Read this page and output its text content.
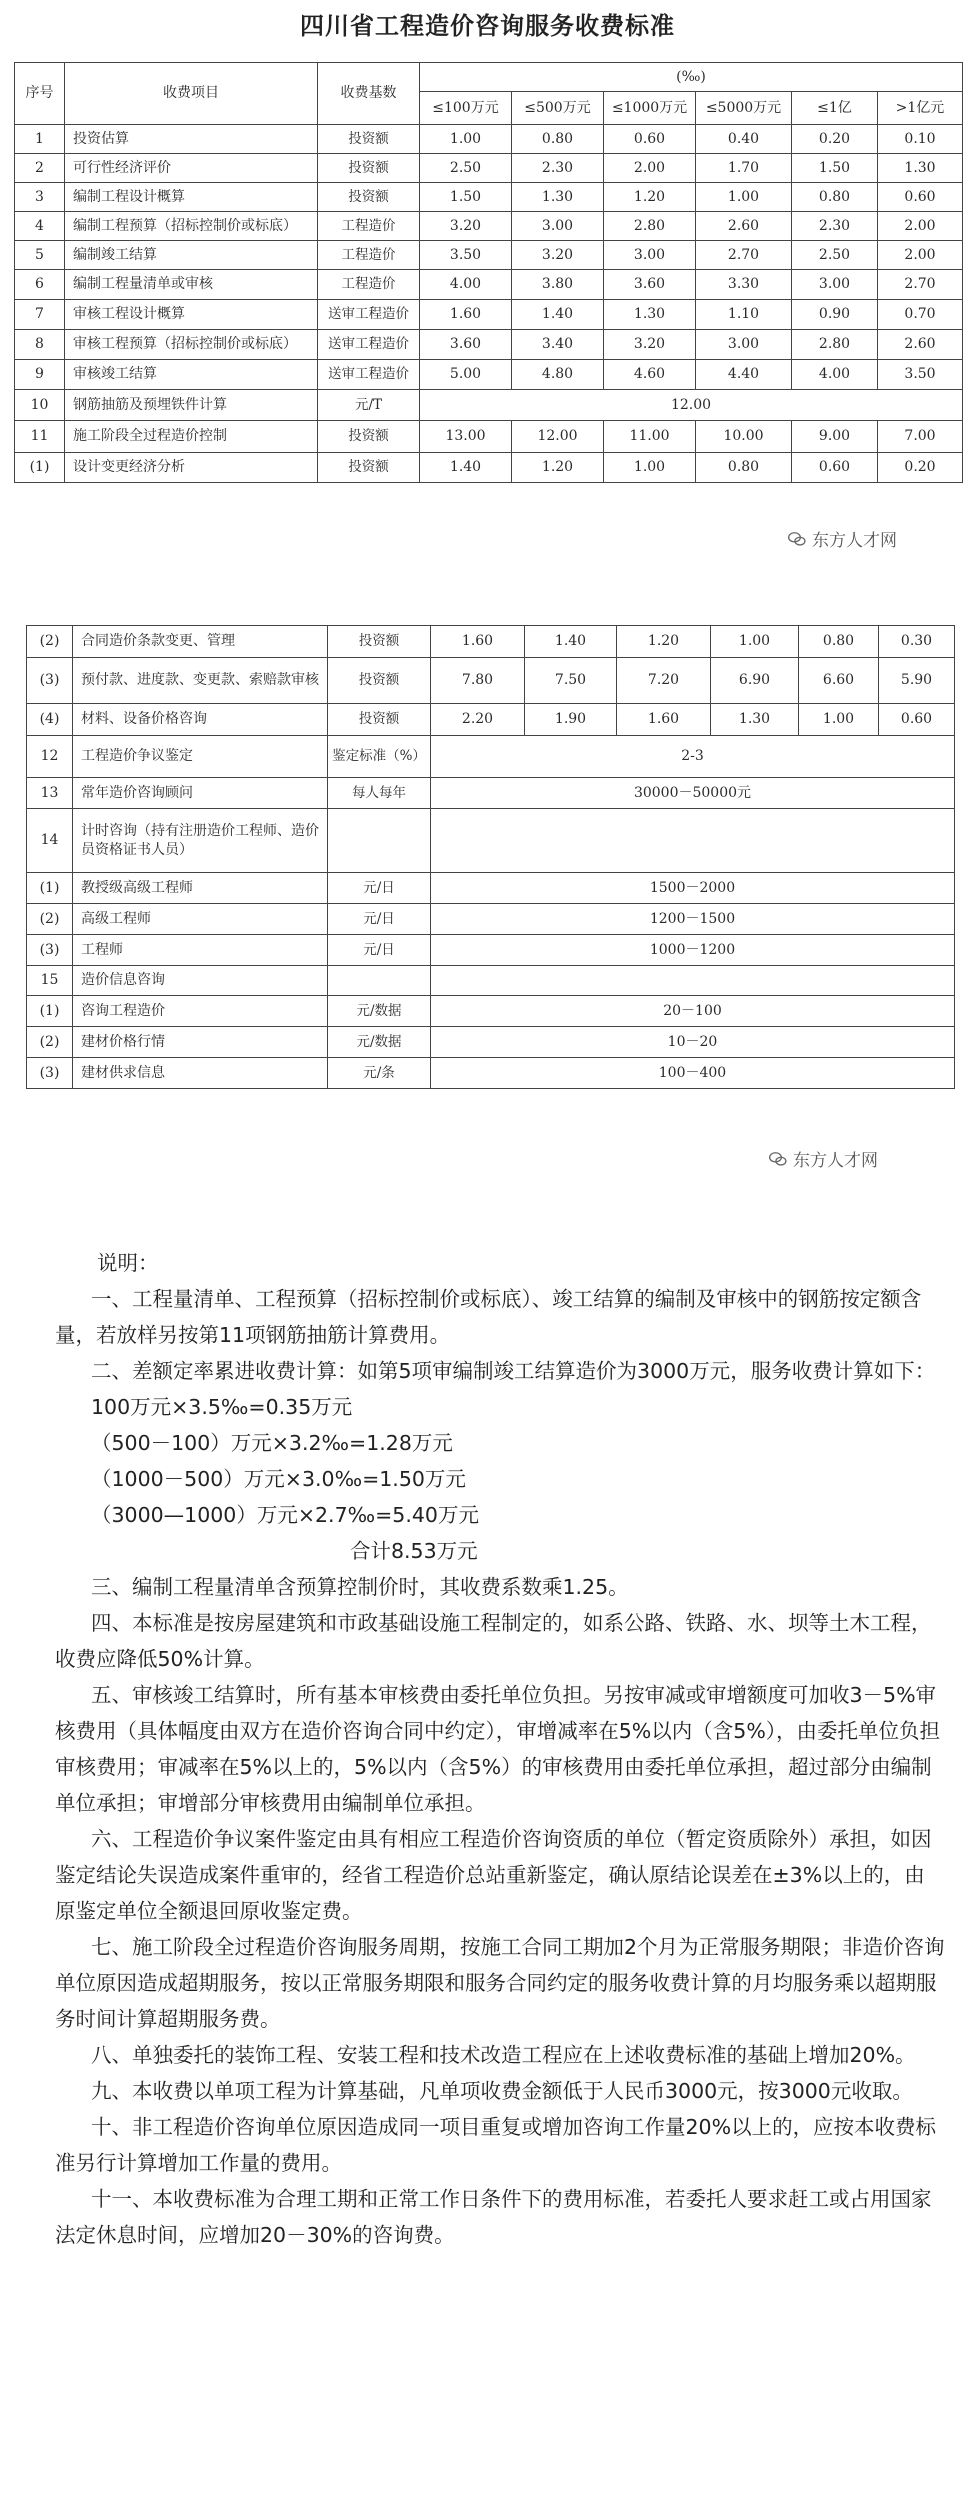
四川省工程造价咨询服务收费标准
序号	收费项目	收费基数	(‰)					
			≤100万元	≤500万元	≤1000万元	≤5000万元	≤1亿	>1亿元
1	投资估算	投资额	1.00	0.80	0.60	0.40	0.20	0.10
2	可行性经济评价	投资额	2.50	2.30	2.00	1.70	1.50	1.30
3	编制工程设计概算	投资额	1.50	1.30	1.20	1.00	0.80	0.60
4	编制工程预算（招标控制价或标底）	工程造价	3.20	3.00	2.80	2.60	2.30	2.00
5	编制竣工结算	工程造价	3.50	3.20	3.00	2.70	2.50	2.00
6	编制工程量清单或审核	工程造价	4.00	3.80	3.60	3.30	3.00	2.70
7	审核工程设计概算	送审工程造价	1.60	1.40	1.30	1.10	0.90	0.70
8	审核工程预算（招标控制价或标底）	送审工程造价	3.60	3.40	3.20	3.00	2.80	2.60
9	审核竣工结算	送审工程造价	5.00	4.80	4.60	4.40	4.00	3.50
10	钢筋抽筋及预埋铁件计算	元/T	12.00					
11	施工阶段全过程造价控制	投资额	13.00	12.00	11.00	10.00	9.00	7.00
(1)	设计变更经济分析	投资额	1.40	1.20	1.00	0.80	0.60	0.20
东方人才网
(2)	合同造价条款变更、管理	投资额	1.60	1.40	1.20	1.00	0.80	0.30
(3)	预付款、进度款、变更款、索赔款审核	投资额	7.80	7.50	7.20	6.90	6.60	5.90
(4)	材料、设备价格咨询	投资额	2.20	1.90	1.60	1.30	1.00	0.60
12	工程造价争议鉴定	鉴定标准（%）	2-3					
13	常年造价咨询顾问	每人每年	30000－50000元					
14	计时咨询（持有注册造价工程师、造价员资格证书人员）							
(1)	教授级高级工程师	元/日	1500－2000					
(2)	高级工程师	元/日	1200－1500					
(3)	工程师	元/日	1000－1200					
15	造价信息咨询							
(1)	咨询工程造价	元/数据	20－100					
(2)	建材价格行情	元/数据	10－20					
(3)	建材供求信息	元/条	100－400					
东方人才网

说明：

一、工程量清单、工程预算（招标控制价或标底）、竣工结算的编制及审核中的钢筋按定额含量，若放样另按第11项钢筋抽筋计算费用。

二、差额定率累进收费计算：如第5项审编制竣工结算造价为3000万元，服务收费计算如下：

100万元×3.5‰=0.35万元

（500－100）万元×3.2‰=1.28万元

（1000－500）万元×3.0‰=1.50万元

（3000—1000）万元×2.7‰=5.40万元

合计8.53万元

三、编制工程量清单含预算控制价时，其收费系数乘1.25。

四、本标准是按房屋建筑和市政基础设施工程制定的，如系公路、铁路、水、坝等土木工程，收费应降低50%计算。

五、审核竣工结算时，所有基本审核费由委托单位负担。另按审减或审增额度可加收3－5%审核费用（具体幅度由双方在造价咨询合同中约定），审增减率在5%以内（含5%），由委托单位负担审核费用；审减率在5%以上的，5%以内（含5%）的审核费用由委托单位承担，超过部分由编制单位承担；审增部分审核费用由编制单位承担。

六、工程造价争议案件鉴定由具有相应工程造价咨询资质的单位（暂定资质除外）承担，如因鉴定结论失误造成案件重审的，经省工程造价总站重新鉴定，确认原结论误差在±3%以上的，由原鉴定单位全额退回原收鉴定费。

七、施工阶段全过程造价咨询服务周期，按施工合同工期加2个月为正常服务期限；非造价咨询单位原因造成超期服务，按以正常服务期限和服务合同约定的服务收费计算的月均服务乘以超期服务时间计算超期服务费。

八、单独委托的装饰工程、安装工程和技术改造工程应在上述收费标准的基础上增加20%。

九、本收费以单项工程为计算基础，凡单项收费金额低于人民币3000元，按3000元收取。

十、非工程造价咨询单位原因造成同一项目重复或增加咨询工作量20%以上的，应按本收费标准另行计算增加工作量的费用。

十一、本收费标准为合理工期和正常工作日条件下的费用标准，若委托人要求赶工或占用国家法定休息时间，应增加20－30%的咨询费。
